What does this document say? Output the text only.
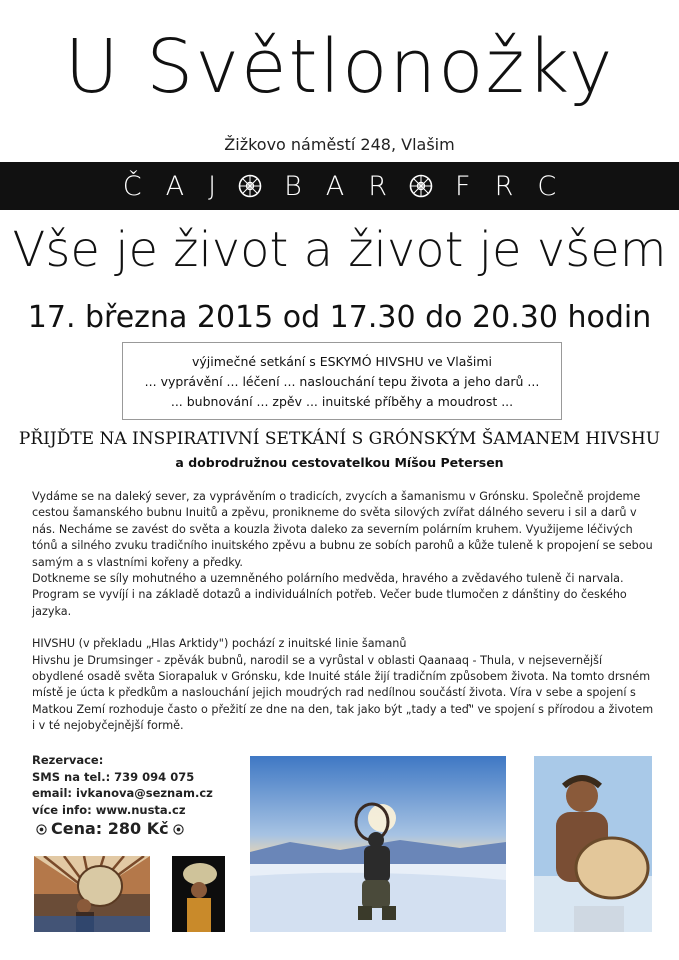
U Světlonožky
Žižkovo náměstí 248, Vlašim
Č A J	B A R	F R C
Vše je život a život je všem
17. března 2015 od 17.30 do 20.30 hodin
výjimečné setkání s ESKYMÓ HIVSHU ve Vlašimi
... vyprávění ... léčení ... naslouchání tepu života a jeho darů ...
... bubnování ... zpěv ... inuitské příběhy a moudrost ...
PŘIJĎTE NA INSPIRATIVNÍ SETKÁNÍ S GRÓNSKÝM ŠAMANEM HIVSHU
a dobrodružnou cestovatelkou Míšou Petersen

Vydáme se na daleký sever, za vyprávěním o tradicích, zvycích a šamanismu v Grónsku. Společně projdeme cestou šamanského bubnu Inuitů a zpěvu, pronikneme do světa silových zvířat dálného severu i sil a darů v nás. Necháme se zavést do světa a kouzla života daleko za severním polárním kruhem. Využijeme léčivých tónů a silného zvuku tradičního inuitského zpěvu a bubnu ze sobích parohů a kůže tuleně k propojení se sebou samým a s vlastními kořeny a předky.

Dotkneme se síly mohutného a uzemněného polárního medvěda, hravého a zvědavého tuleně či narvala. Program se vyvíjí i na základě dotazů a individuálních potřeb. Večer bude tlumočen z dánštiny do českého jazyka.

HIVSHU (v překladu „Hlas Arktidy") pochází z inuitské linie šamanů

Hivshu je Drumsinger - zpěvák bubnů, narodil se a vyrůstal v oblasti Qaanaaq - Thula, v nejsevernější obydlené osadě světa Siorapaluk v Grónsku, kde Inuité stále žijí tradičním způsobem života. Na tomto drsném místě je úcta k předkům a naslouchání jejich moudrých rad nedílnou součástí života. Víra v sebe a spojení s Matkou Zemí rozhoduje často o přežití ze dne na den, tak jako být „tady a teď" ve spojení s přírodou a životem i v té nejobyčejnější formě.

Rezervace:
SMS na tel.: 739 094 075
email: ivkanova@seznam.cz
více info: www.nusta.cz
Cena: 280 Kč
